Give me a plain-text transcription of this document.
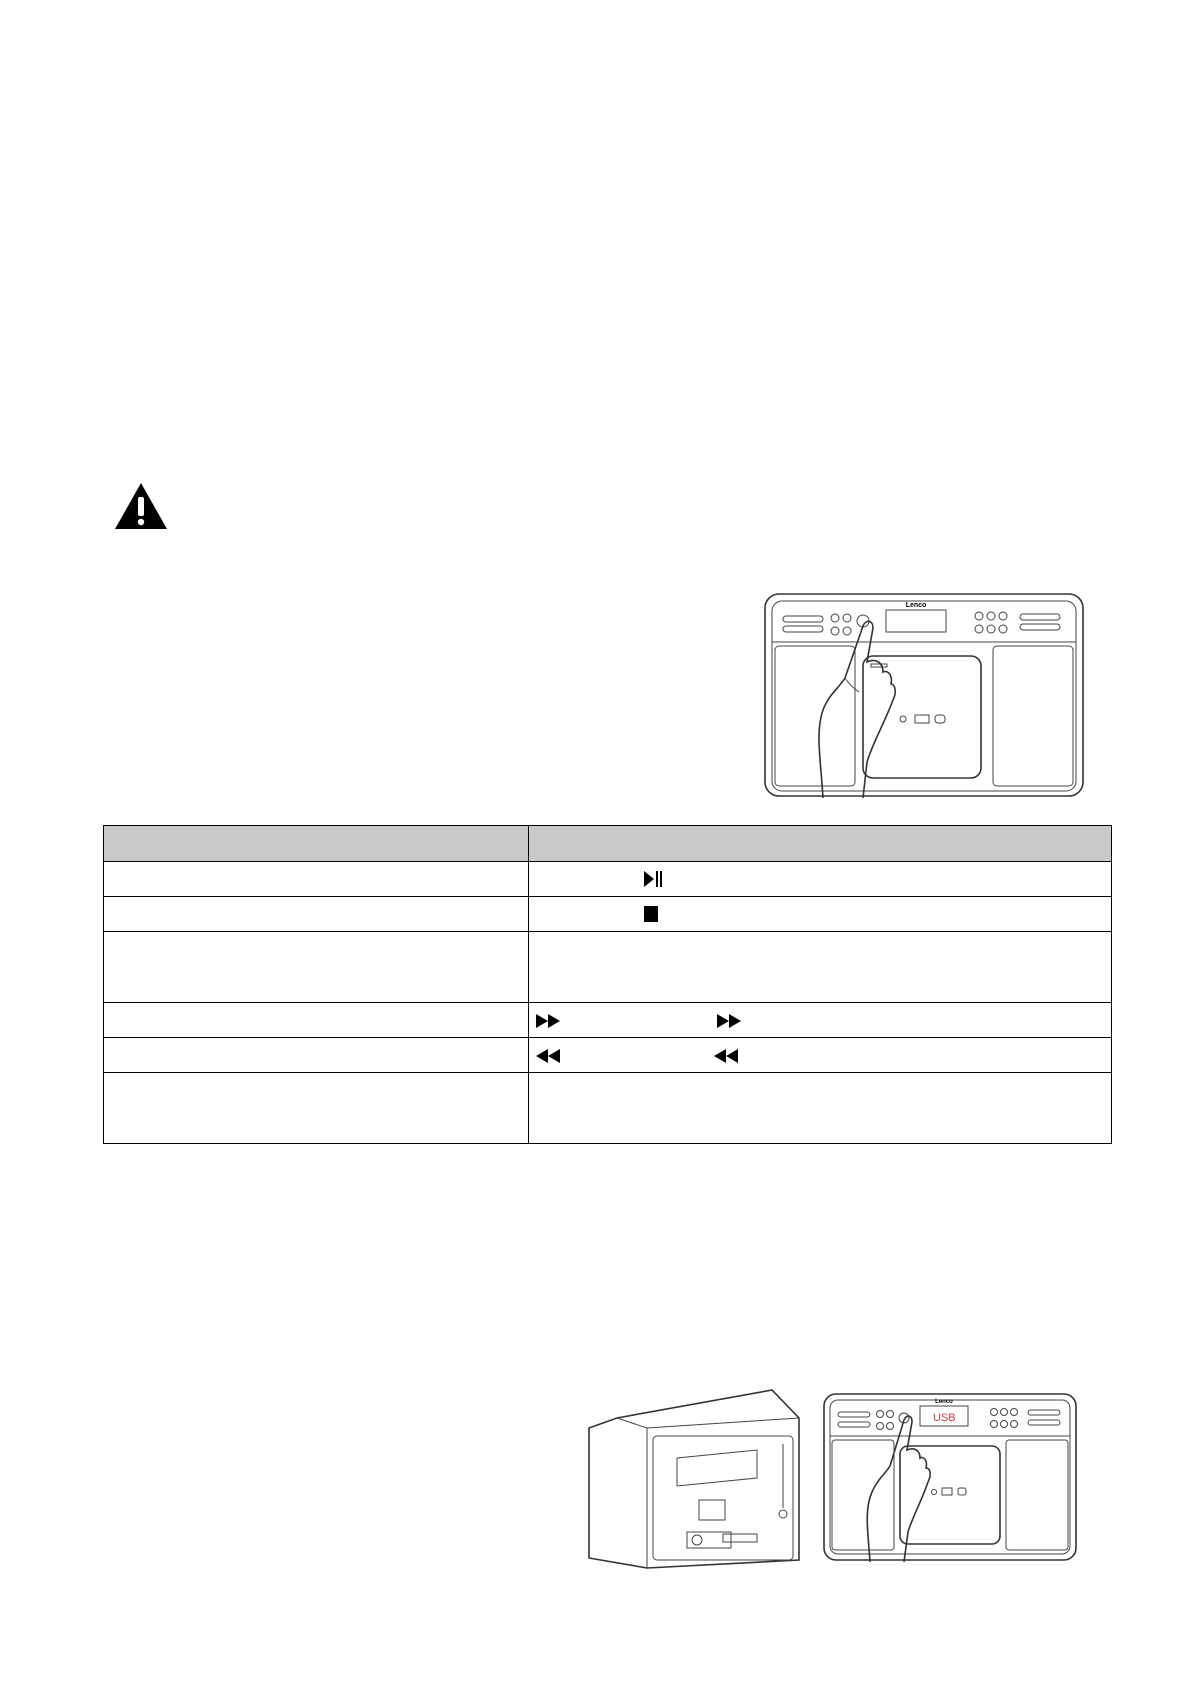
Lenco

USB
Lenco
